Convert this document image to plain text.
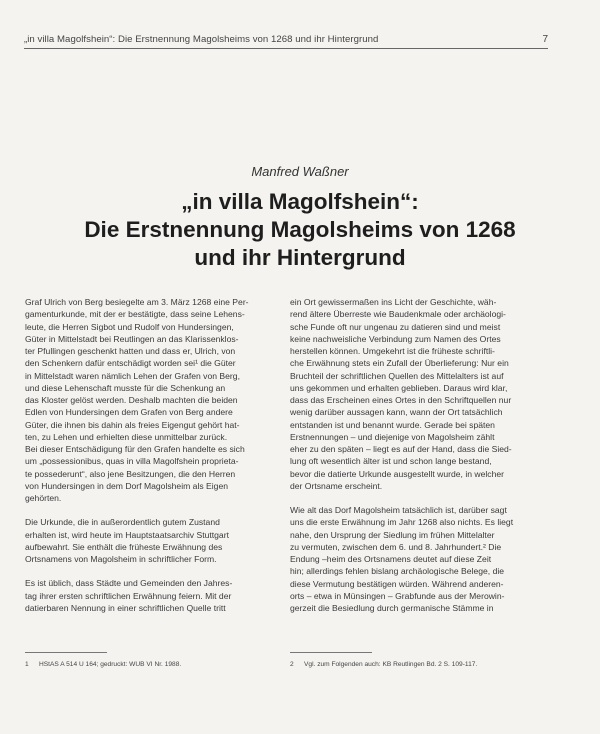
„in villa Magolfshein“: Die Erstnennung Magolsheims von 1268 und ihr Hintergrund	7
Manfred Waßner
„in villa Magolfshein“:
Die Erstnennung Magolsheims von 1268
und ihr Hintergrund

Graf Ulrich von Berg besiegelte am 3. März 1268 eine Per-
gamenturkunde, mit der er bestätigte, dass seine Lehens-
leute, die Herren Sigbot und Rudolf von Hundersingen,
Güter in Mittelstadt bei Reutlingen an das Klarissenklos-
ter Pfullingen geschenkt hatten und dass er, Ulrich, von
den Schenkern dafür entschädigt worden sei¹ die Güter
in Mittelstadt waren nämlich Lehen der Grafen von Berg,
und diese Lehenschaft musste für die Schenkung an
das Kloster gelöst werden. Deshalb machten die beiden
Edlen von Hundersingen dem Grafen von Berg andere
Güter, die ihnen bis dahin als freies Eigengut gehört hat-
ten, zu Lehen und erhielten diese unmittelbar zurück.
Bei dieser Entschädigung für den Grafen handelte es sich
um „possessionibus, quas in villa Magolfshein proprieta-
te possederunt“, also jene Besitzungen, die den Herren
von Hundersingen in dem Dorf Magolsheim als Eigen
gehörten.

Die Urkunde, die in außerordentlich gutem Zustand
erhalten ist, wird heute im Hauptstaatsarchiv Stuttgart
aufbewahrt. Sie enthält die früheste Erwähnung des
Ortsnamens von Magolsheim in schriftlicher Form.

Es ist üblich, dass Städte und Gemeinden den Jahres-
tag ihrer ersten schriftlichen Erwähnung feiern. Mit der
datierbaren Nennung in einer schriftlichen Quelle tritt

ein Ort gewissermaßen ins Licht der Geschichte, wäh-
rend ältere Überreste wie Baudenkmale oder archäologi-
sche Funde oft nur ungenau zu datieren sind und meist
keine nachweisliche Verbindung zum Namen des Ortes
herstellen können. Umgekehrt ist die früheste schriftli-
che Erwähnung stets ein Zufall der Überlieferung: Nur ein
Bruchteil der schriftlichen Quellen des Mittelalters ist auf
uns gekommen und erhalten geblieben. Daraus wird klar,
dass das Erscheinen eines Ortes in den Schriftquellen nur
wenig darüber aussagen kann, wann der Ort tatsächlich
entstanden ist und benannt wurde. Gerade bei späten
Erstnennungen – und diejenige von Magolsheim zählt
eher zu den späten – liegt es auf der Hand, dass die Sied-
lung oft wesentlich älter ist und schon lange bestand,
bevor die datierte Urkunde ausgestellt wurde, in welcher
der Ortsname erscheint.

Wie alt das Dorf Magolsheim tatsächlich ist, darüber sagt
uns die erste Erwähnung im Jahr 1268 also nichts. Es liegt
nahe, den Ursprung der Siedlung im frühen Mittelalter
zu vermuten, zwischen dem 6. und 8. Jahrhundert.² Die
Endung –heim des Ortsnamens deutet auf diese Zeit
hin; allerdings fehlen bislang archäologische Belege, die
diese Vermutung bestätigen würden. Während anderen-
orts – etwa in Münsingen – Grabfunde aus der Merowin-
gerzeit die Besiedlung durch germanische Stämme in

1 HStAS A 514 U 164; gedruckt: WUB VI Nr. 1988.	2 Vgl. zum Folgenden auch: KB Reutlingen Bd. 2 S. 109-117.
